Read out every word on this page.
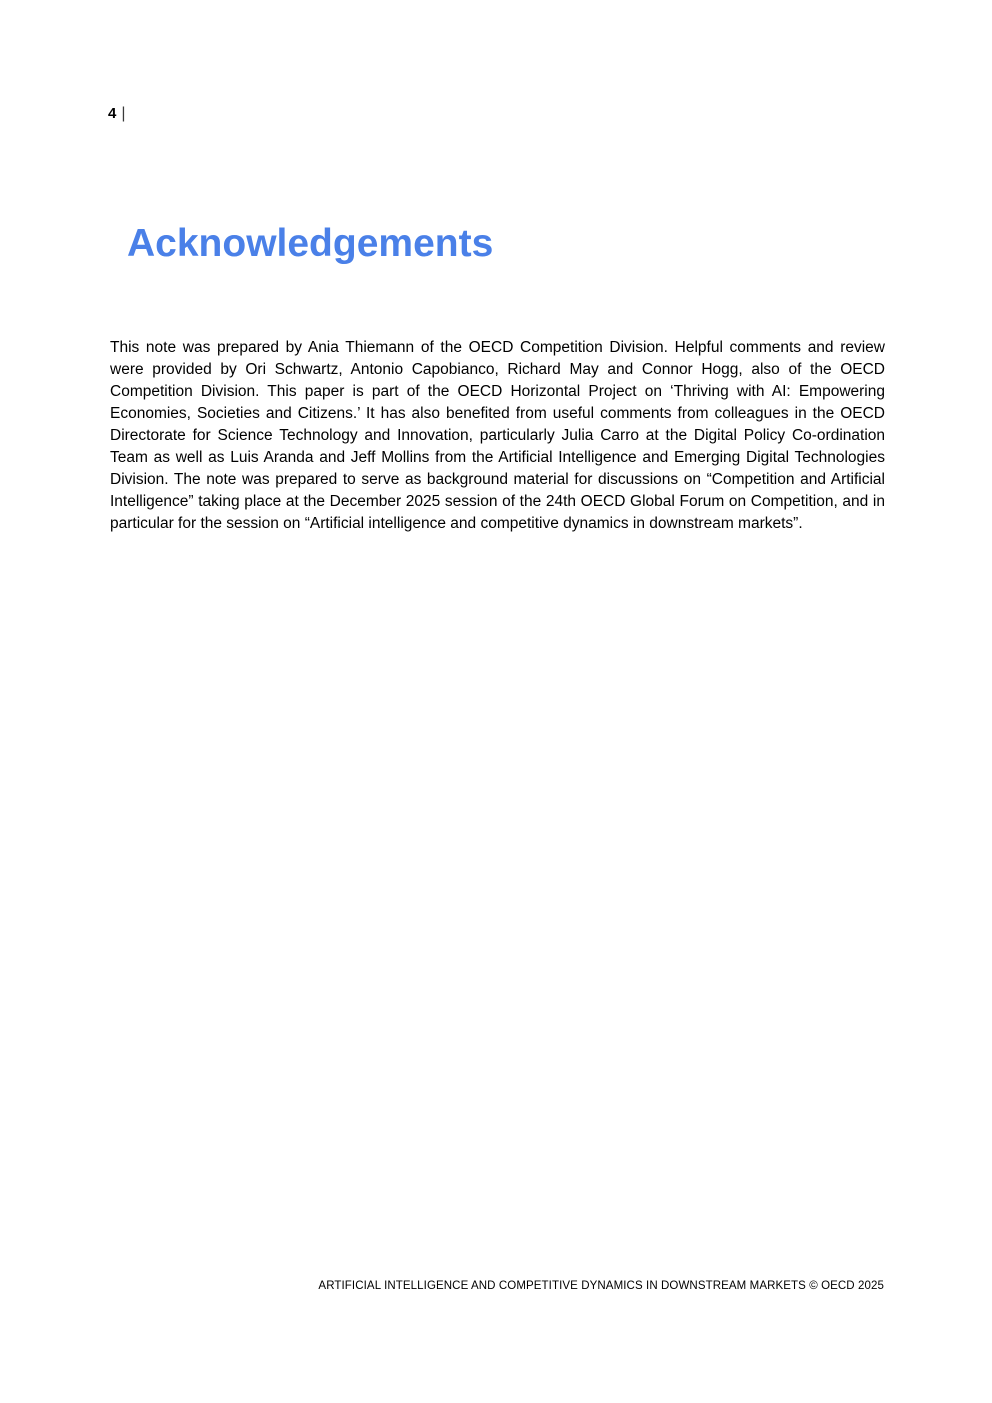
4 |
Acknowledgements

This note was prepared by Ania Thiemann of the OECD Competition Division. Helpful comments and review were provided by Ori Schwartz, Antonio Capobianco, Richard May and Connor Hogg, also of the OECD Competition Division. This paper is part of the OECD Horizontal Project on ‘Thriving with AI: Empowering Economies, Societies and Citizens.’ It has also benefited from useful comments from colleagues in the OECD Directorate for Science Technology and Innovation, particularly Julia Carro at the Digital Policy Co-ordination Team as well as Luis Aranda and Jeff Mollins from the Artificial Intelligence and Emerging Digital Technologies Division. The note was prepared to serve as background material for discussions on “Competition and Artificial Intelligence” taking place at the December 2025 session of the 24th OECD Global Forum on Competition, and in particular for the session on “Artificial intelligence and competitive dynamics in downstream markets”.

ARTIFICIAL INTELLIGENCE AND COMPETITIVE DYNAMICS IN DOWNSTREAM MARKETS © OECD 2025
